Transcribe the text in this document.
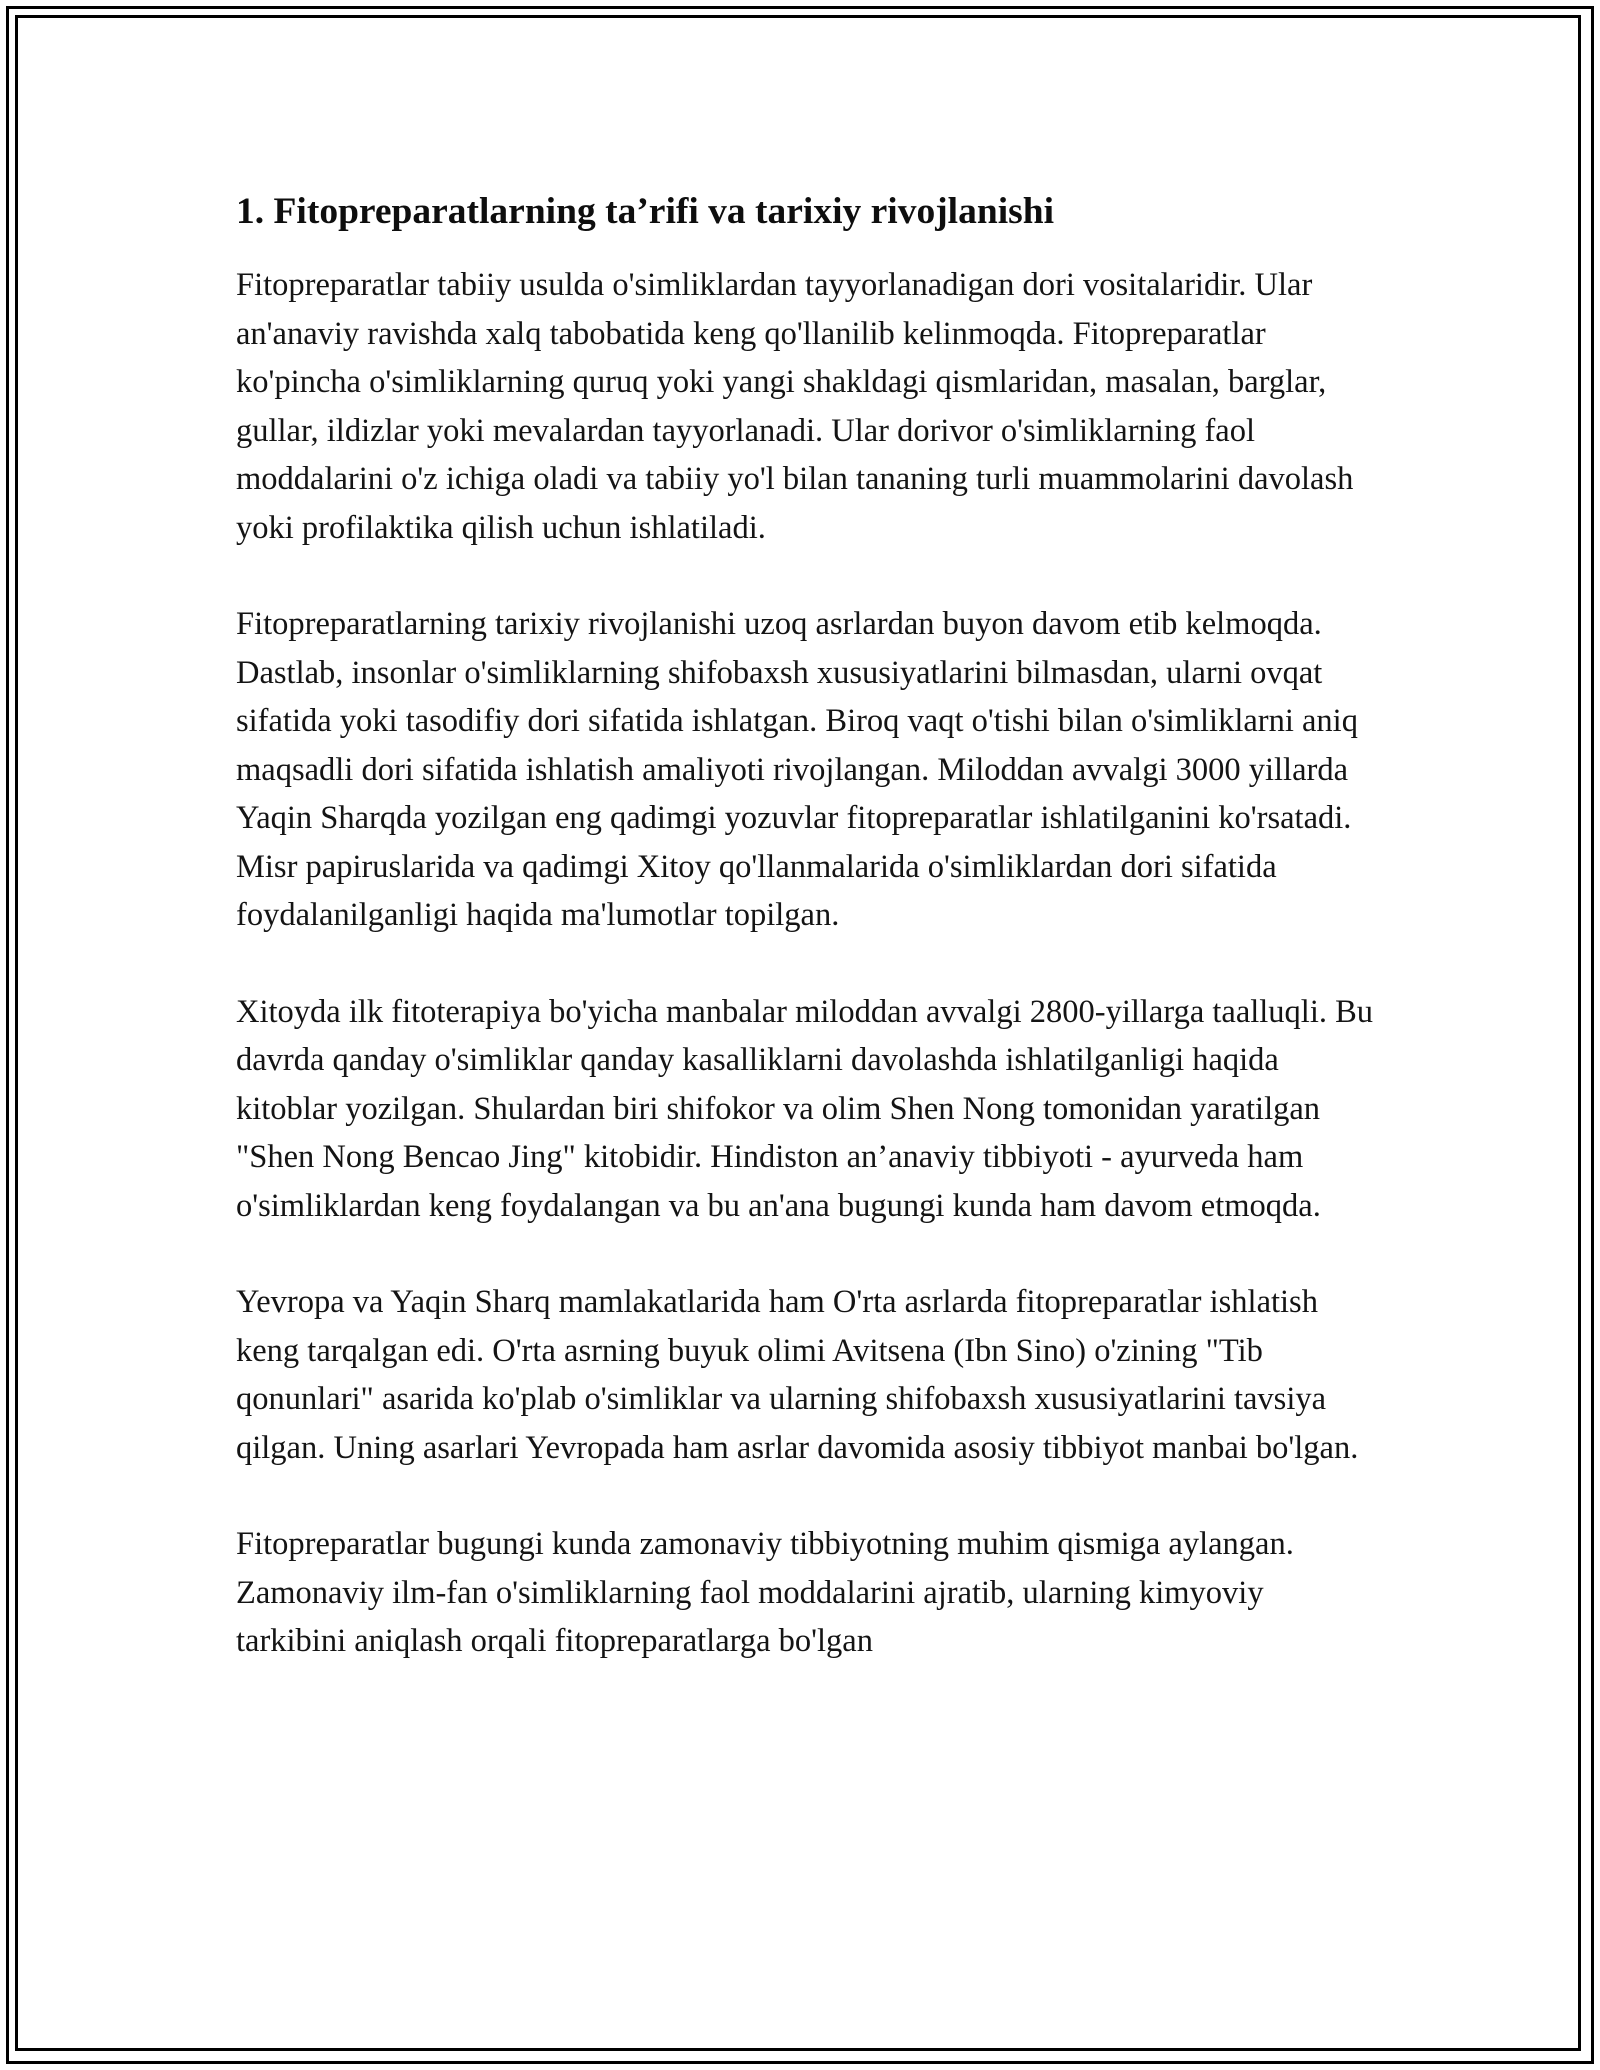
1. Fitopreparatlarning ta’rifi va tarixiy rivojlanishi

Fitopreparatlar tabiiy usulda o'simliklardan tayyorlanadigan dori vositalaridir. Ular an'anaviy ravishda xalq tabobatida keng qo'llanilib kelinmoqda. Fitopreparatlar ko'pincha o'simliklarning quruq yoki yangi shakldagi qismlaridan, masalan, barglar, gullar, ildizlar yoki mevalardan tayyorlanadi. Ular dorivor o'simliklarning faol moddalarini o'z ichiga oladi va tabiiy yo'l bilan tananing turli muammolarini davolash yoki profilaktika qilish uchun ishlatiladi.

Fitopreparatlarning tarixiy rivojlanishi uzoq asrlardan buyon davom etib kelmoqda. Dastlab, insonlar o'simliklarning shifobaxsh xususiyatlarini bilmasdan, ularni ovqat sifatida yoki tasodifiy dori sifatida ishlatgan. Biroq vaqt o'tishi bilan o'simliklarni aniq maqsadli dori sifatida ishlatish amaliyoti rivojlangan. Miloddan avvalgi 3000 yillarda Yaqin Sharqda yozilgan eng qadimgi yozuvlar fitopreparatlar ishlatilganini ko'rsatadi. Misr papiruslarida va qadimgi Xitoy qo'llanmalarida o'simliklardan dori sifatida foydalanilganligi haqida ma'lumotlar topilgan.

Xitoyda ilk fitoterapiya bo'yicha manbalar miloddan avvalgi 2800-yillarga taalluqli. Bu davrda qanday o'simliklar qanday kasalliklarni davolashda ishlatilganligi haqida kitoblar yozilgan. Shulardan biri shifokor va olim Shen Nong tomonidan yaratilgan "Shen Nong Bencao Jing" kitobidir. Hindiston an’anaviy tibbiyoti - ayurveda ham o'simliklardan keng foydalangan va bu an'ana bugungi kunda ham davom etmoqda.

Yevropa va Yaqin Sharq mamlakatlarida ham O'rta asrlarda fitopreparatlar ishlatish keng tarqalgan edi. O'rta asrning buyuk olimi Avitsena (Ibn Sino) o'zining "Tib qonunlari" asarida ko'plab o'simliklar va ularning shifobaxsh xususiyatlarini tavsiya qilgan. Uning asarlari Yevropada ham asrlar davomida asosiy tibbiyot manbai bo'lgan.

Fitopreparatlar bugungi kunda zamonaviy tibbiyotning muhim qismiga aylangan. Zamonaviy ilm-fan o'simliklarning faol moddalarini ajratib, ularning kimyoviy tarkibini aniqlash orqali fitopreparatlarga bo'lgan
